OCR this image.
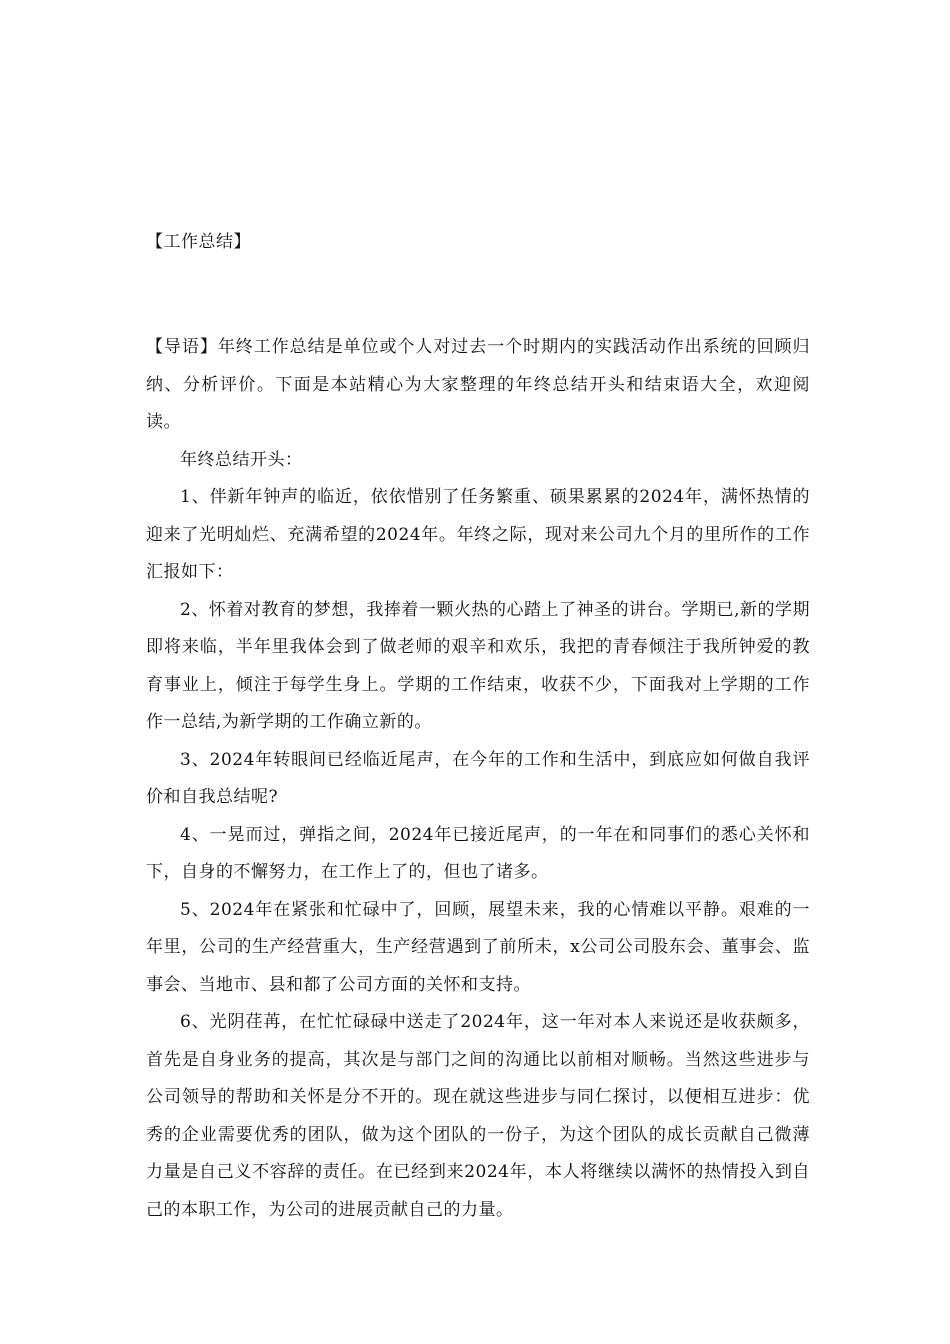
【工作总结】

【导语】年终工作总结是单位或个人对过去一个时期内的实践活动作出系统的回顾归纳、分析评价。下面是本站精心为大家整理的年终总结开头和结束语大全，欢迎阅读。

年终总结开头：

1、伴新年钟声的临近，依依惜别了任务繁重、硕果累累的2024年，满怀热情的迎来了光明灿烂、充满希望的2024年。年终之际，现对来公司九个月的里所作的工作汇报如下：

2、怀着对教育的梦想，我捧着一颗火热的心踏上了神圣的讲台。学期已,新的学期即将来临，半年里我体会到了做老师的艰辛和欢乐，我把的青春倾注于我所钟爱的教育事业上，倾注于每学生身上。学期的工作结束，收获不少，下面我对上学期的工作作一总结,为新学期的工作确立新的。

3、2024年转眼间已经临近尾声，在今年的工作和生活中，到底应如何做自我评价和自我总结呢?

4、一晃而过，弹指之间，2024年已接近尾声，的一年在和同事们的悉心关怀和下，自身的不懈努力，在工作上了的，但也了诸多。

5、2024年在紧张和忙碌中了，回顾，展望未来，我的心情难以平静。艰难的一年里，公司的生产经营重大，生产经营遇到了前所未，x公司公司股东会、董事会、监事会、当地市、县和都了公司方面的关怀和支持。

6、光阴荏苒，在忙忙碌碌中送走了2024年，这一年对本人来说还是收获颇多，首先是自身业务的提高，其次是与部门之间的沟通比以前相对顺畅。当然这些进步与公司领导的帮助和关怀是分不开的。现在就这些进步与同仁探讨，以便相互进步：优秀的企业需要优秀的团队，做为这个团队的一份子，为这个团队的成长贡献自己微薄力量是自己义不容辞的责任。在已经到来2024年，本人将继续以满怀的热情投入到自己的本职工作，为公司的进展贡献自己的力量。
